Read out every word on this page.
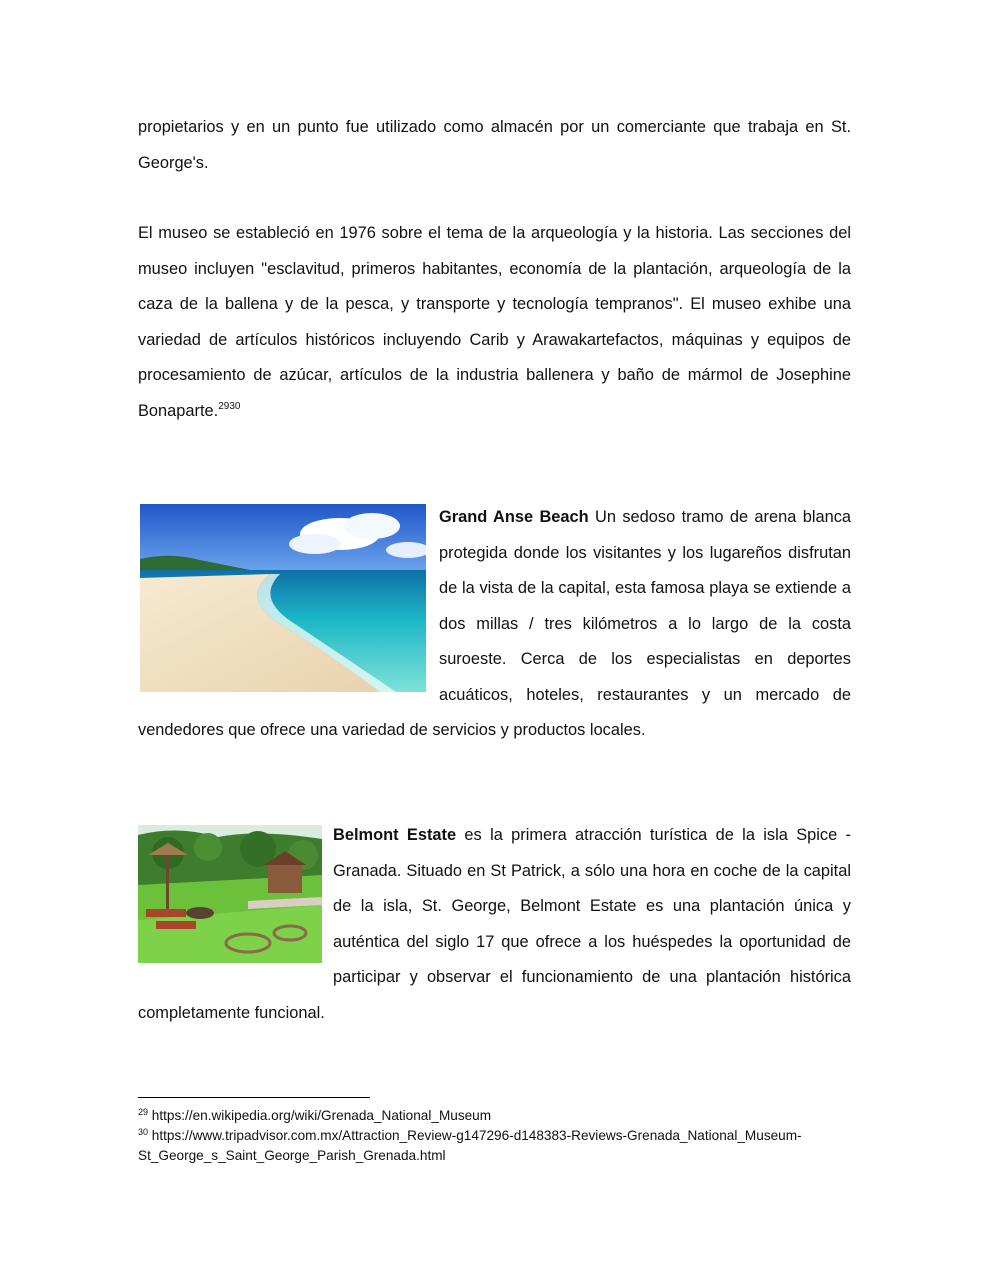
propietarios y en un punto fue utilizado como almacén por un comerciante que trabaja en St. George's.

El museo se estableció en 1976 sobre el tema de la arqueología y la historia. Las secciones del museo incluyen "esclavitud, primeros habitantes, economía de la plantación, arqueología de la caza de la ballena y de la pesca, y transporte y tecnología tempranos". El museo exhibe una variedad de artículos históricos incluyendo Carib y Arawakartefactos, máquinas y equipos de procesamiento de azúcar, artículos de la industria ballenera y baño de mármol de Josephine Bonaparte.$^{2930}$

Grand Anse Beach Un sedoso tramo de arena blanca protegida donde los visitantes y los lugareños disfrutan de la vista de la capital, esta famosa playa se extiende a dos millas / tres kilómetros a lo largo de la costa suroeste. Cerca de los especialistas en deportes acuáticos, hoteles, restaurantes y un mercado de vendedores que ofrece una variedad de servicios y productos locales.
Belmont Estate es la primera atracción turística de la isla Spice - Granada. Situado en St Patrick, a sólo una hora en coche de la capital de la isla, St. George, Belmont Estate es una plantación única y auténtica del siglo 17 que ofrece a los huéspedes la oportunidad de participar y observar el funcionamiento de una plantación histórica completamente funcional.

$^{29}$ https://en.wikipedia.org/wiki/Grenada_National_Museum

$^{30}$ https://www.tripadvisor.com.mx/Attraction_Review-g147296-d148383-Reviews-Grenada_National_Museum-St_George_s_Saint_George_Parish_Grenada.html
